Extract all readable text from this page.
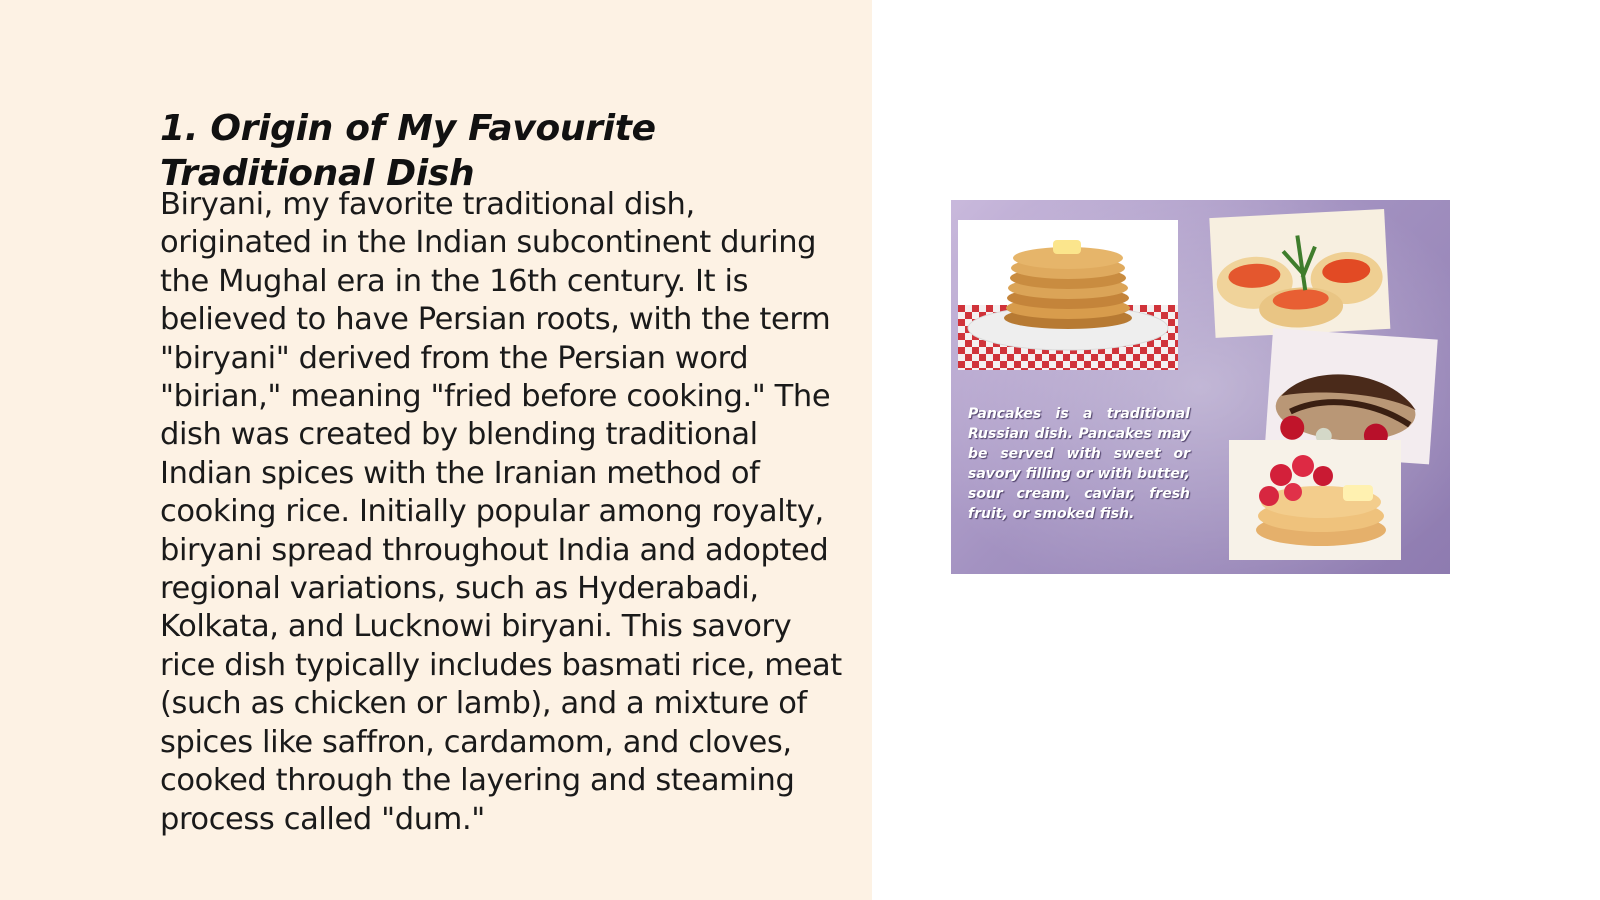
1. Origin of My Favourite Traditional Dish

Biryani, my favorite traditional dish, originated in the Indian subcontinent during the Mughal era in the 16th century. It is believed to have Persian roots, with the term "biryani" derived from the Persian word "birian," meaning "fried before cooking." The dish was created by blending traditional Indian spices with the Iranian method of cooking rice. Initially popular among royalty, biryani spread throughout India and adopted regional variations, such as Hyderabadi, Kolkata, and Lucknowi biryani. This savory rice dish typically includes basmati rice, meat (such as chicken or lamb), and a mixture of spices like saffron, cardamom, and cloves, cooked through the layering and steaming process called "dum."

Pancakes is a traditional Russian dish. Pancakes may be served with sweet or savory filling or with butter, sour cream, caviar, fresh fruit, or smoked fish.
